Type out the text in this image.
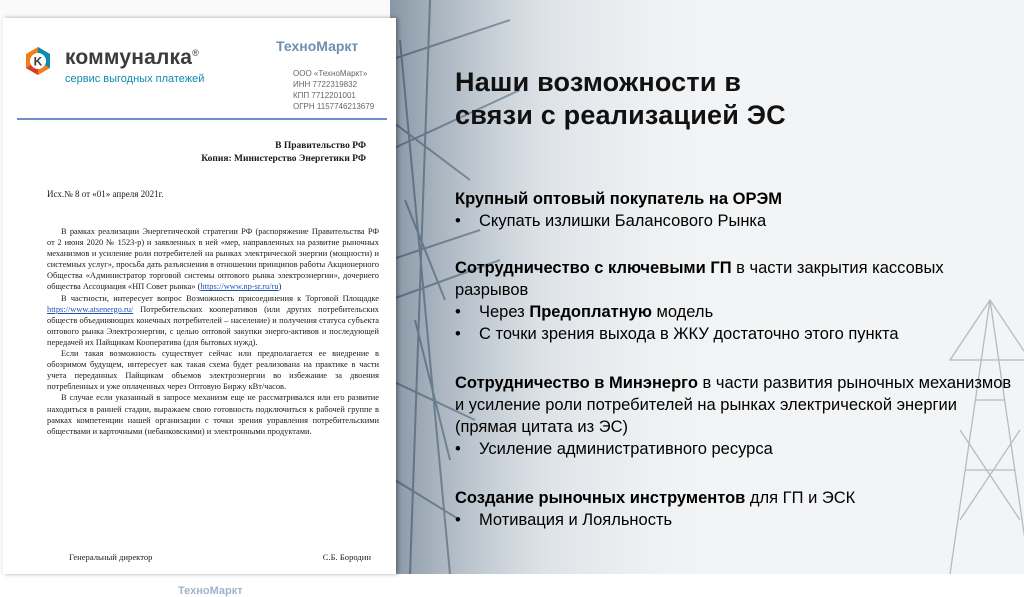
K коммуналка®
сервис выгодных платежей
ТехноМаркт
ООО «ТехноМаркт»
ИНН 7722319832
КПП 7712201001
ОГРН 1157746213679
В Правительство РФ
Копия: Министерство Энергетики РФ
Исх.№ 8 от «01» апреля 2021г.

В рамках реализации Энергетической стратегии РФ (распоряжение Правительства РФ от 2 июня 2020 № 1523-р) и заявленных в ней «мер, направленных на развитие рыночных механизмов и усиление роли потребителей на рынках электрической энергии (мощности) и системных услуг», просьба дать разъяснения в отношении принципов работы Акционерного Общества «Администратор торговой системы оптового рынка электроэнергии», дочернего общества Ассоциация «НП Совет рынка» (https://www.np-sr.ru/ru)

В частности, интересует вопрос Возможность присоединения к Торговой Площадке https://www.atsenergo.ru/ Потребительских кооперативов (или других потребительских обществ объединяющих конечных потребителей – население) и получения статуса субъекта оптового рынка Электроэнергии, с целью оптовой закупки энерго-активов и последующей передачей их Пайщикам Кооператива (для бытовых нужд).

Если такая возможность существует сейчас или предполагается ее внедрение в обозримом будущем, интересует как такая схема будет реализована на практике в части учета переданных Пайщикам объемов электроэнергии во избежание за двоения потребленных и уже оплаченных через Оптовую Биржу кВт/часов.

В случае если указанный в запросе механизм еще не рассматривался или его развитие находиться в ранней стадии, выражаем свою готовность подключиться к рабочей группе в рамках компетенции нашей организации с точки зрения управления потребительскими обществами и карточными (небанковскими) и электронными продуктами.

Генеральный директор	С.Б. Бородин
ТехноМаркт
Наши возможности в
связи с реализацией ЭС

Крупный оптовый покупатель на ОРЭМ

• Скупать излишки Балансового Рынка

Сотрудничество с ключевыми ГП в части закрытия кассовых разрывов

• Через Предоплатную модель
• С точки зрения выхода в ЖКУ достаточно этого пункта

Сотрудничество в Минэнерго в части развития рыночных механизмов и усиление роли потребителей на рынках электрической энергии (прямая цитата из ЭС)

• Усиление административного ресурса

Создание рыночных инструментов для ГП и ЭСК

• Мотивация и Лояльность
